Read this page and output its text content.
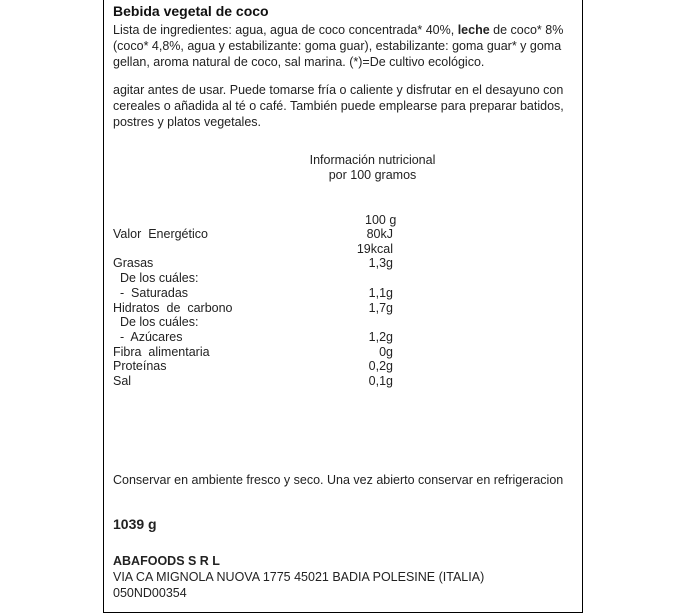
Bebida vegetal de coco
Lista de ingredientes: agua, agua de coco concentrada* 40%, leche de coco* 8% (coco* 4,8%, agua y estabilizante: goma guar), estabilizante: goma guar* y goma gellan, aroma natural de coco, sal marina. (*)=De cultivo ecológico.
agitar antes de usar. Puede tomarse fría o caliente y disfrutar en el desayuno con cereales o añadida al té o café. También puede emplearse para preparar batidos, postres y platos vegetales.
Información nutricional
por 100 gramos
100 g
Valor  Energético	80kJ
19kcal
Grasas	1,3g
De los cuáles:
-  Saturadas	1,1g
Hidratos  de  carbono	1,7g
De los cuáles:
-  Azúcares	1,2g
Fibra  alimentaria	0g
Proteínas	0,2g
Sal	0,1g
Conservar en ambiente fresco y seco. Una vez abierto conservar en refrigeracion
1039 g
ABAFOODS S R L
VIA CA MIGNOLA NUOVA 1775 45021 BADIA POLESINE (ITALIA)
050ND00354
